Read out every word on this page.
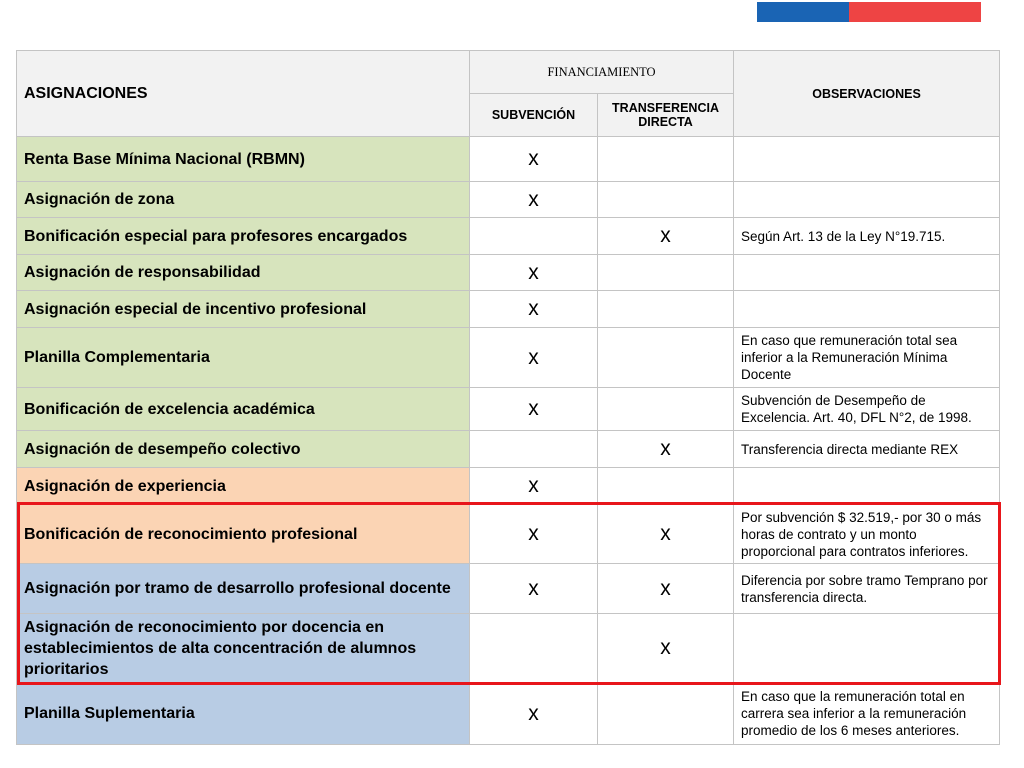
ASIGNACIONES	FINANCIAMIENTO		OBSERVACIONES
	SUBVENCIÓN	TRANSFERENCIA DIRECTA	
Renta Base Mínima Nacional (RBMN)	x		
Asignación de zona	x		
Bonificación especial para profesores encargados		x	Según Art. 13 de la Ley N°19.715.
Asignación de responsabilidad	x		
Asignación especial de incentivo profesional	x		
Planilla Complementaria	x		En caso que remuneración total sea inferior a la Remuneración Mínima Docente
Bonificación de excelencia académica	x		Subvención de Desempeño de Excelencia. Art. 40, DFL N°2, de 1998.
Asignación de desempeño colectivo		x	Transferencia directa mediante REX
Asignación de experiencia	x		
Bonificación de reconocimiento profesional	x	x	Por subvención $ 32.519,- por 30 o más horas de contrato y un monto proporcional para contratos inferiores.
Asignación por tramo de desarrollo profesional docente	x	x	Diferencia por sobre tramo Temprano por transferencia directa.
Asignación de reconocimiento por docencia en establecimientos de alta concentración de alumnos prioritarios		x	
Planilla Suplementaria	x		En caso que la remuneración total en carrera sea inferior a la remuneración promedio de los 6 meses anteriores.
